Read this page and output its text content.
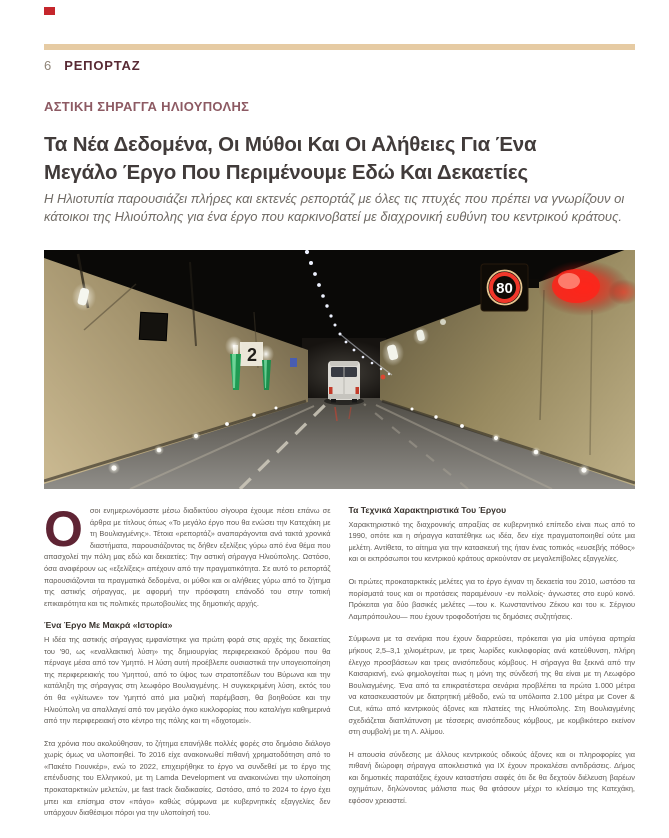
6 ΡΕΠΟΡΤΑΖ
ΑΣΤΙΚΗ ΣΗΡΑΓΓΑ ΗΛΙΟΥΠΟΛΗΣ
Τα Νέα Δεδομένα, Οι Μύθοι Και Οι Αλήθειες Για Ένα
Μεγάλο Έργο Που Περιμένουμε Εδώ Και Δεκαετίες
Η Ηλιοτυπία παρουσιάζει πλήρες και εκτενές ρεπορτάζ με όλες τις πτυχές που πρέπει να γνωρίζουν οι κάτοικοι της Ηλιούπολης για ένα έργο που καρκινοβατεί με διαχρονική ευθύνη του κεντρικού κράτους.
2
80

Οσοι ενημερωνόμαστε μέσω διαδικτύου σίγουρα έχουμε πέσει επάνω σε άρθρα με τίτλους όπως «Το μεγάλο έργο που θα ενώσει την Κατεχάκη με τη Βουλιαγμένης». Τέτοια «ρεπορτάζ» αναπαράγονται ανά τακτά χρονικά διαστήματα, παρουσιάζοντας τις δήθεν εξελίξεις γύρω από ένα θέμα που απασχολεί την πόλη μας εδώ και δεκαετίες: Την αστική σήραγγα Ηλιούπολης. Ωστόσο, όσα αναφέρουν ως «εξελίξεις» απέχουν από την πραγματικότητα. Σε αυτό το ρεπορτάζ παρουσιάζονται τα πραγματικά δεδομένα, οι μύθοι και οι αλήθειες γύρω από το ζήτημα της αστικής σήραγγας, με αφορμή την πρόσφατη επάνοδό του στην τοπική επικαιρότητα και τις πολιτικές πρωτοβουλίες της δημοτικής αρχής.

Ένα Έργο Με Μακρά «Ιστορία»

Η ιδέα της αστικής σήραγγας εμφανίστηκε για πρώτη φορά στις αρχές της δεκαετίας του '90, ως «εναλλακτική λύση» της δημιουργίας περιφερειακού δρόμου που θα πέρναγε μέσα από τον Υμηττό. Η λύση αυτή προέβλεπε ουσιαστικά την υπογειοποίηση της περιφερειακής του Υμηττού, από το ύψος των στρατοπέδων του Βύρωνα και την κατάληξη της σήραγγας στη λεωφόρο Βουλιαγμένης. Η συγκεκριμένη λύση, εκτός του ότι θα «γλίτωνε» τον Υμηττό από μια μαζική παρέμβαση, θα βοηθούσε και την Ηλιούπολη να απαλλαγεί από τον μεγάλο όγκο κυκλοφορίας που καταλήγει καθημερινά από την περιφερειακή στο κέντρο της πόλης και τη «διχοτομεί».

Στα χρόνια που ακολούθησαν, το ζήτημα επανήλθε πολλές φορές στο δημόσιο διάλογο χωρίς όμως να υλοποιηθεί. Το 2016 είχε ανακοινωθεί πιθανή χρηματοδότηση από το «Πακέτο Γιουνκέρ», ενώ το 2022, επιχειρήθηκε το έργο να συνδεθεί με το έργο της επένδυσης του Ελληνικού, με τη Lamda Development να ανακοινώνει την υλοποίηση προκαταρκτικών μελετών, με fast track διαδικασίες. Ωστόσο, από το 2024 το έργο έχει μπει και επίσημα στον «πάγο» καθώς σύμφωνα με κυβερνητικές εξαγγελίες δεν υπάρχουν διαθέσιμοι πόροι για την υλοποίησή του.

Τα Τεχνικά Χαρακτηριστικά Του Έργου

Χαρακτηριστικό της διαχρονικής απραξίας σε κυβερνητικό επίπεδο είναι πως από το 1990, οπότε και η σήραγγα κατατέθηκε ως ιδέα, δεν είχε πραγματοποιηθεί ούτε μια μελέτη. Αντίθετα, το αίτημα για την κατασκευή της ήταν ένας τοπικός «ευσεβής πόθος» και οι εκπρόσωποι του κεντρικού κράτους αρκούνταν σε μεγαλεπίβολες εξαγγελίες.

Οι πρώτες προκαταρκτικές μελέτες για το έργο έγιναν τη δεκαετία του 2010, ωστόσο τα πορίσματά τους και οι προτάσεις παραμένουν -εν πολλοίς- άγνωστες στο ευρύ κοινό. Πρόκειται για δύο βασικές μελέτες —του κ. Κωνσταντίνου Ζέκου και του κ. Σέργιου Λαμπρόπουλου— που έχουν τροφοδοτήσει τις δημόσιες συζητήσεις.

Σύμφωνα με τα σενάρια που έχουν διαρρεύσει, πρόκειται για μία υπόγεια αρτηρία μήκους 2,5–3,1 χιλιομέτρων, με τρεις λωρίδες κυκλοφορίας ανά κατεύθυνση, πλήρη έλεγχο προσβάσεων και τρεις ανισόπεδους κόμβους. Η σήραγγα θα ξεκινά από την Καισαριανή, ενώ φημολογείται πως η μόνη της σύνδεσή της θα είναι με τη Λεωφόρο Βουλιαγμένης. Ένα από τα επικρατέστερα σενάρια προβλέπει τα πρώτα 1.000 μέτρα να κατασκευαστούν με διατρητική μέθοδο, ενώ τα υπόλοιπα 2.100 μέτρα με Cover & Cut, κάτω από κεντρικούς άξονες και πλατείες της Ηλιούπολης. Στη Βουλιαγμένης σχεδιάζεται διαπλάτυνση με τέσσερις ανισόπεδους κόμβους, με κομβικότερο εκείνον στη συμβολή με τη Λ. Αλίμου.

Η απουσία σύνδεσης με άλλους κεντρικούς οδικούς άξονες και οι πληροφορίες για πιθανή διώροφη σήραγγα αποκλειστικά για ΙΧ έχουν προκαλέσει αντιδράσεις. Δήμος και δημοτικές παρατάξεις έχουν καταστήσει σαφές ότι δε θα δεχτούν διέλευση βαρέων οχημάτων, δηλώνοντας μάλιστα πως θα φτάσουν μέχρι το κλείσιμο της Κατεχάκη, εφόσον χρειαστεί.
